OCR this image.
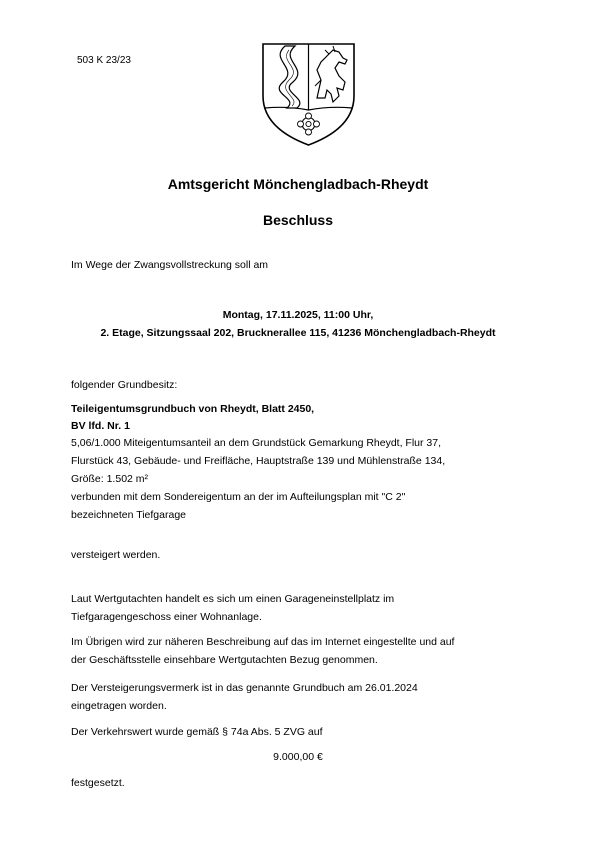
503 K 23/23
Amtsgericht Mönchengladbach-Rheydt
Beschluss
Im Wege der Zwangsvollstreckung soll am
Montag, 17.11.2025, 11:00 Uhr,
2. Etage, Sitzungssaal 202, Brucknerallee 115, 41236 Mönchengladbach-Rheydt
folgender Grundbesitz:
Teileigentumsgrundbuch von Rheydt, Blatt 2450,
BV lfd. Nr. 1
5,06/1.000 Miteigentumsanteil an dem Grundstück Gemarkung Rheydt, Flur 37,
Flurstück 43, Gebäude- und Freifläche, Hauptstraße 139 und Mühlenstraße 134,
Größe: 1.502 m²
verbunden mit dem Sondereigentum an der im Aufteilungsplan mit "C 2"
bezeichneten Tiefgarage
versteigert werden.
Laut Wertgutachten handelt es sich um einen Garageneinstellplatz im
Tiefgaragengeschoss einer Wohnanlage.
Im Übrigen wird zur näheren Beschreibung auf das im Internet eingestellte und auf
der Geschäftsstelle einsehbare Wertgutachten Bezug genommen.
Der Versteigerungsvermerk ist in das genannte Grundbuch am 26.01.2024
eingetragen worden.
Der Verkehrswert wurde gemäß § 74a Abs. 5 ZVG auf
9.000,00 €
festgesetzt.
